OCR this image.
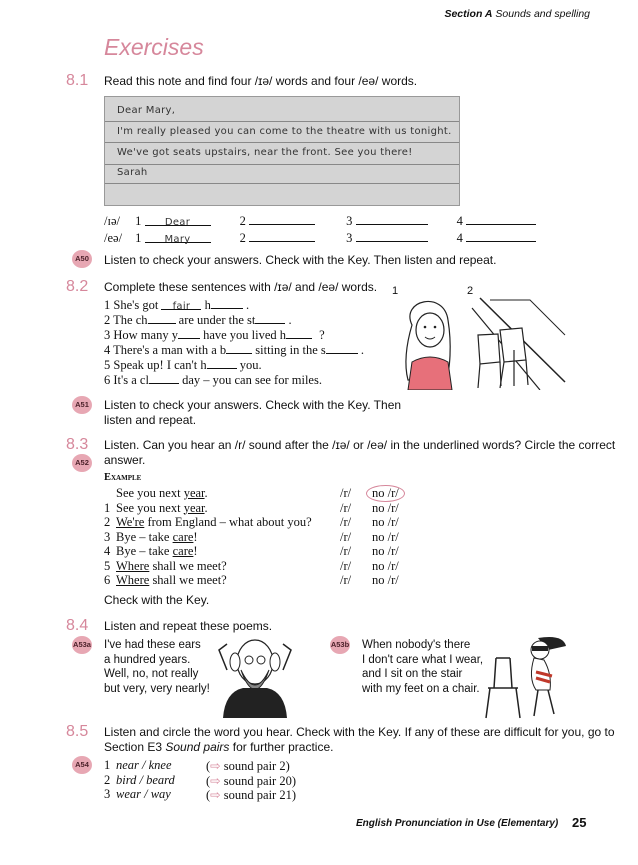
Section A Sounds and spelling
Exercises
8.1 Read this note and find four /ɪə/ words and four /eə/ words.
Dear Mary,
I'm really pleased you can come to the theatre with us tonight.
We've got seats upstairs, near the front. See you there!
Sarah
/ɪə/ 1 Dear	2	3	4
/eə/ 1 Mary	2	3	4
A50 Listen to check your answers. Check with the Key. Then listen and repeat.
8.2 Complete these sentences with /ɪə/ and /eə/ words.
1 She's got fair h	.
2 The ch are under the st .
3 How many y have you lived h	?
4 There's a man with a b sitting in the s	.
5 Speak up! I can't h	you.
6 It's a cl	day – you can see for miles.
1	2
A51 Listen to check your answers. Check with the Key. Then
listen and repeat.
8.3
A52
Listen. Can you hear an /r/ sound after the /ɪə/ or /eə/ in the underlined words? Circle the correct
answer.
Example
See you next year.	/r/	no /r/
1 See you next year.	/r/ no /r/
2 We're from England – what about you? /r/ no /r/
3 Bye – take care!	/r/ no /r/
4 Bye – take care!	/r/ no /r/
5 Where shall we meet?	/r/ no /r/
6 Where shall we meet?	/r/ no /r/
Check with the Key.
8.4 Listen and repeat these poems.
A53a I've had these ears
a hundred years.
Well, no, not really
but very, very nearly!
A53b When nobody's there
I don't care what I wear,
and I sit on the stair
with my feet on a chair.
8.5 Listen and circle the word you hear. Check with the Key. If any of these are difficult for you, go to
Section E3 Sound pairs for further practice.
A54 1 near / knee	(⇨ sound pair 2)
2 bird / beard (⇨ sound pair 20)
3 wear / way	(⇨ sound pair 21)
English Pronunciation in Use (Elementary) 25
